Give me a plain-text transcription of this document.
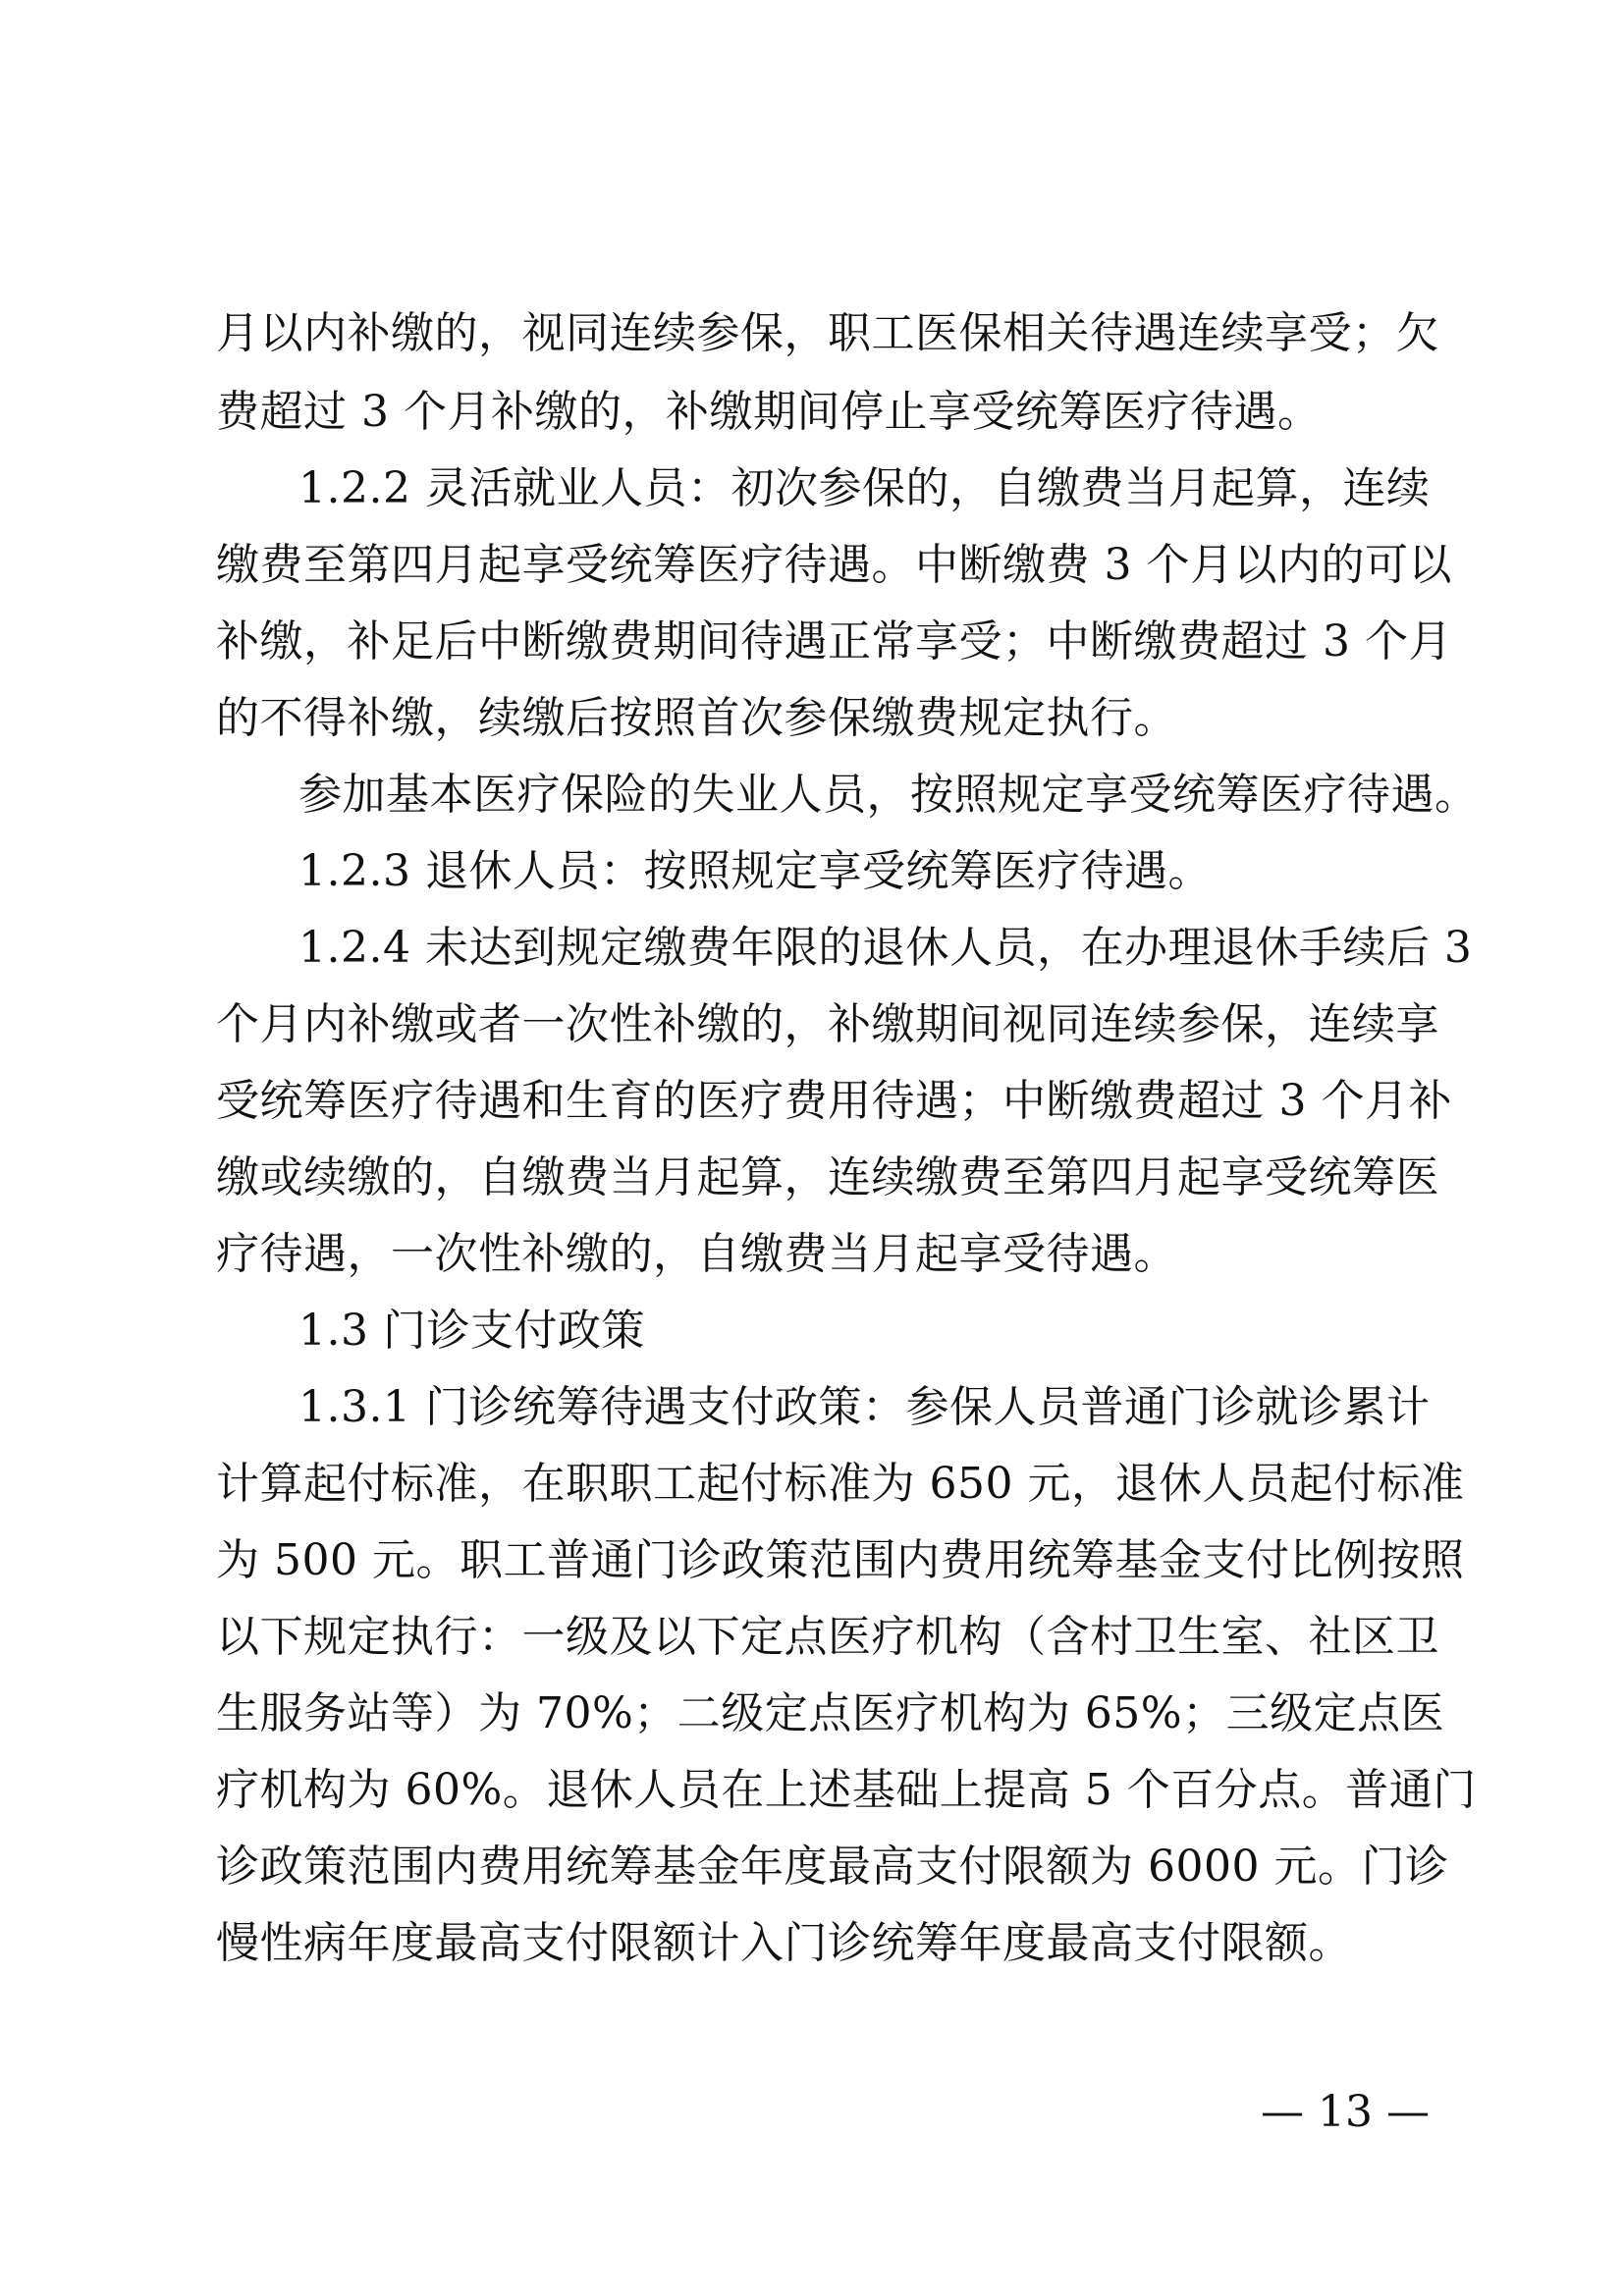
月以内补缴的，视同连续参保，职工医保相关待遇连续享受；欠
费超过 3 个月补缴的，补缴期间停止享受统筹医疗待遇。
1.2.2 灵活就业人员：初次参保的，自缴费当月起算，连续
缴费至第四月起享受统筹医疗待遇。中断缴费 3 个月以内的可以
补缴，补足后中断缴费期间待遇正常享受；中断缴费超过 3 个月
的不得补缴，续缴后按照首次参保缴费规定执行。
参加基本医疗保险的失业人员，按照规定享受统筹医疗待遇。
1.2.3 退休人员：按照规定享受统筹医疗待遇。
1.2.4 未达到规定缴费年限的退休人员，在办理退休手续后 3
个月内补缴或者一次性补缴的，补缴期间视同连续参保，连续享
受统筹医疗待遇和生育的医疗费用待遇；中断缴费超过 3 个月补
缴或续缴的，自缴费当月起算，连续缴费至第四月起享受统筹医
疗待遇，一次性补缴的，自缴费当月起享受待遇。
1.3 门诊支付政策
1.3.1 门诊统筹待遇支付政策：参保人员普通门诊就诊累计
计算起付标准，在职职工起付标准为 650 元，退休人员起付标准
为 500 元。职工普通门诊政策范围内费用统筹基金支付比例按照
以下规定执行：一级及以下定点医疗机构（含村卫生室、社区卫
生服务站等）为 70%；二级定点医疗机构为 65%；三级定点医
疗机构为 60%。退休人员在上述基础上提高 5 个百分点。普通门
诊政策范围内费用统筹基金年度最高支付限额为 6000 元。门诊
慢性病年度最高支付限额计入门诊统筹年度最高支付限额。
— 13 —
